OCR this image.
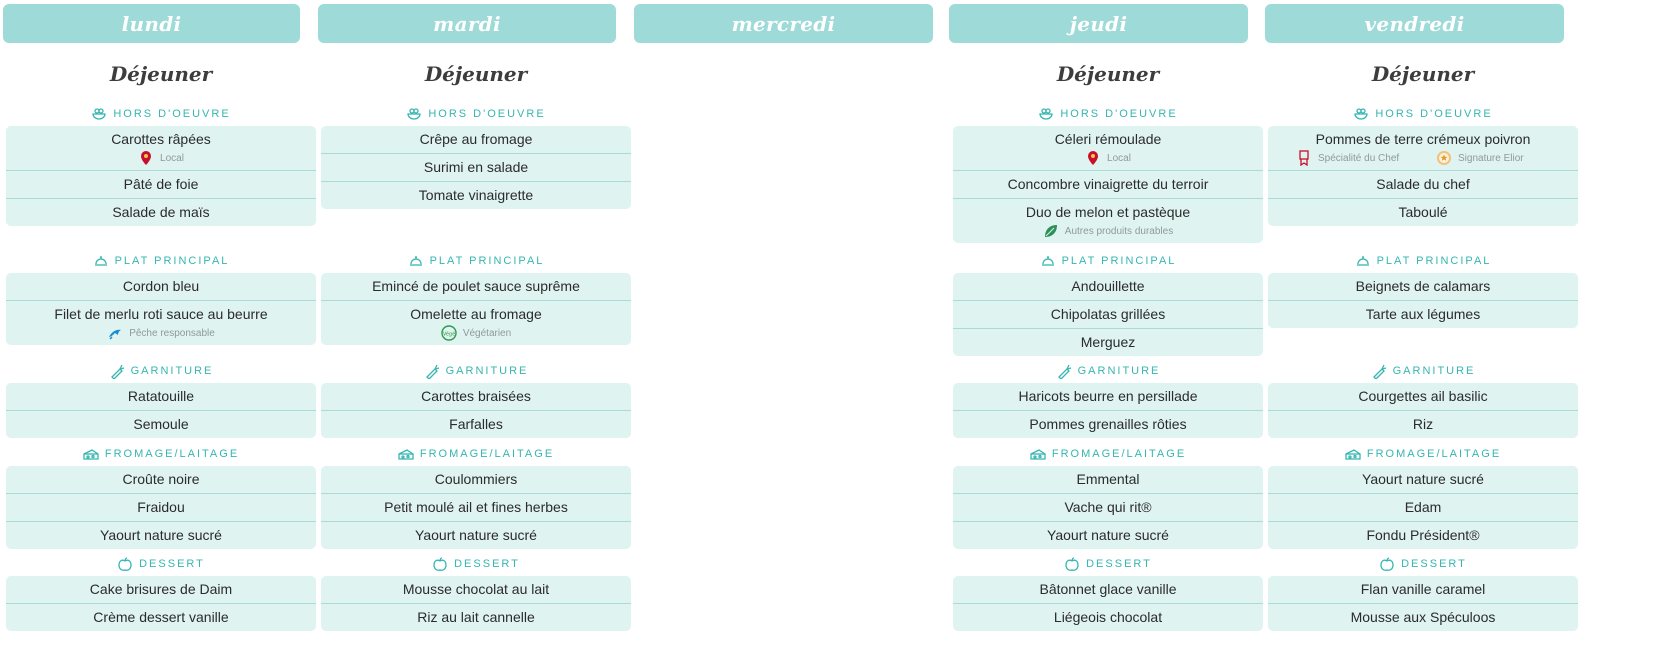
lundi	mardi	mercredi	jeudi	vendredi
Déjeuner
HORS D'OEUVRE
Carottes râpées
Local
Pâté de foie
Salade de maïs
PLAT PRINCIPAL
Cordon bleu
Filet de merlu roti sauce au beurre
Pêche responsable
GARNITURE
Ratatouille
Semoule
FROMAGE/LAITAGE
Croûte noire
Fraidou
Yaourt nature sucré
DESSERT
Cake brisures de Daim
Crème dessert vanille
Déjeuner
HORS D'OEUVRE
Crêpe au fromage
Surimi en salade
Tomate vinaigrette
PLAT PRINCIPAL
Emincé de poulet sauce suprême
Omelette au fromage
Végé Végétarien
GARNITURE
Carottes braisées
Farfalles
FROMAGE/LAITAGE
Coulommiers
Petit moulé ail et fines herbes
Yaourt nature sucré
DESSERT
Mousse chocolat au lait
Riz au lait cannelle
Déjeuner
HORS D'OEUVRE
Céleri rémoulade
Local
Concombre vinaigrette du terroir
Duo de melon et pastèque
Autres produits durables
PLAT PRINCIPAL
Andouillette
Chipolatas grillées
Merguez
GARNITURE
Haricots beurre en persillade
Pommes grenailles rôties
FROMAGE/LAITAGE
Emmental
Vache qui rit®
Yaourt nature sucré
DESSERT
Bâtonnet glace vanille
Liégeois chocolat
Déjeuner
HORS D'OEUVRE
Pommes de terre crémeux poivron
Spécialité du Chef	Signature Elior
Salade du chef
Taboulé
PLAT PRINCIPAL
Beignets de calamars
Tarte aux légumes
GARNITURE
Courgettes ail basilic
Riz
FROMAGE/LAITAGE
Yaourt nature sucré
Edam
Fondu Président®
DESSERT
Flan vanille caramel
Mousse aux Spéculoos
